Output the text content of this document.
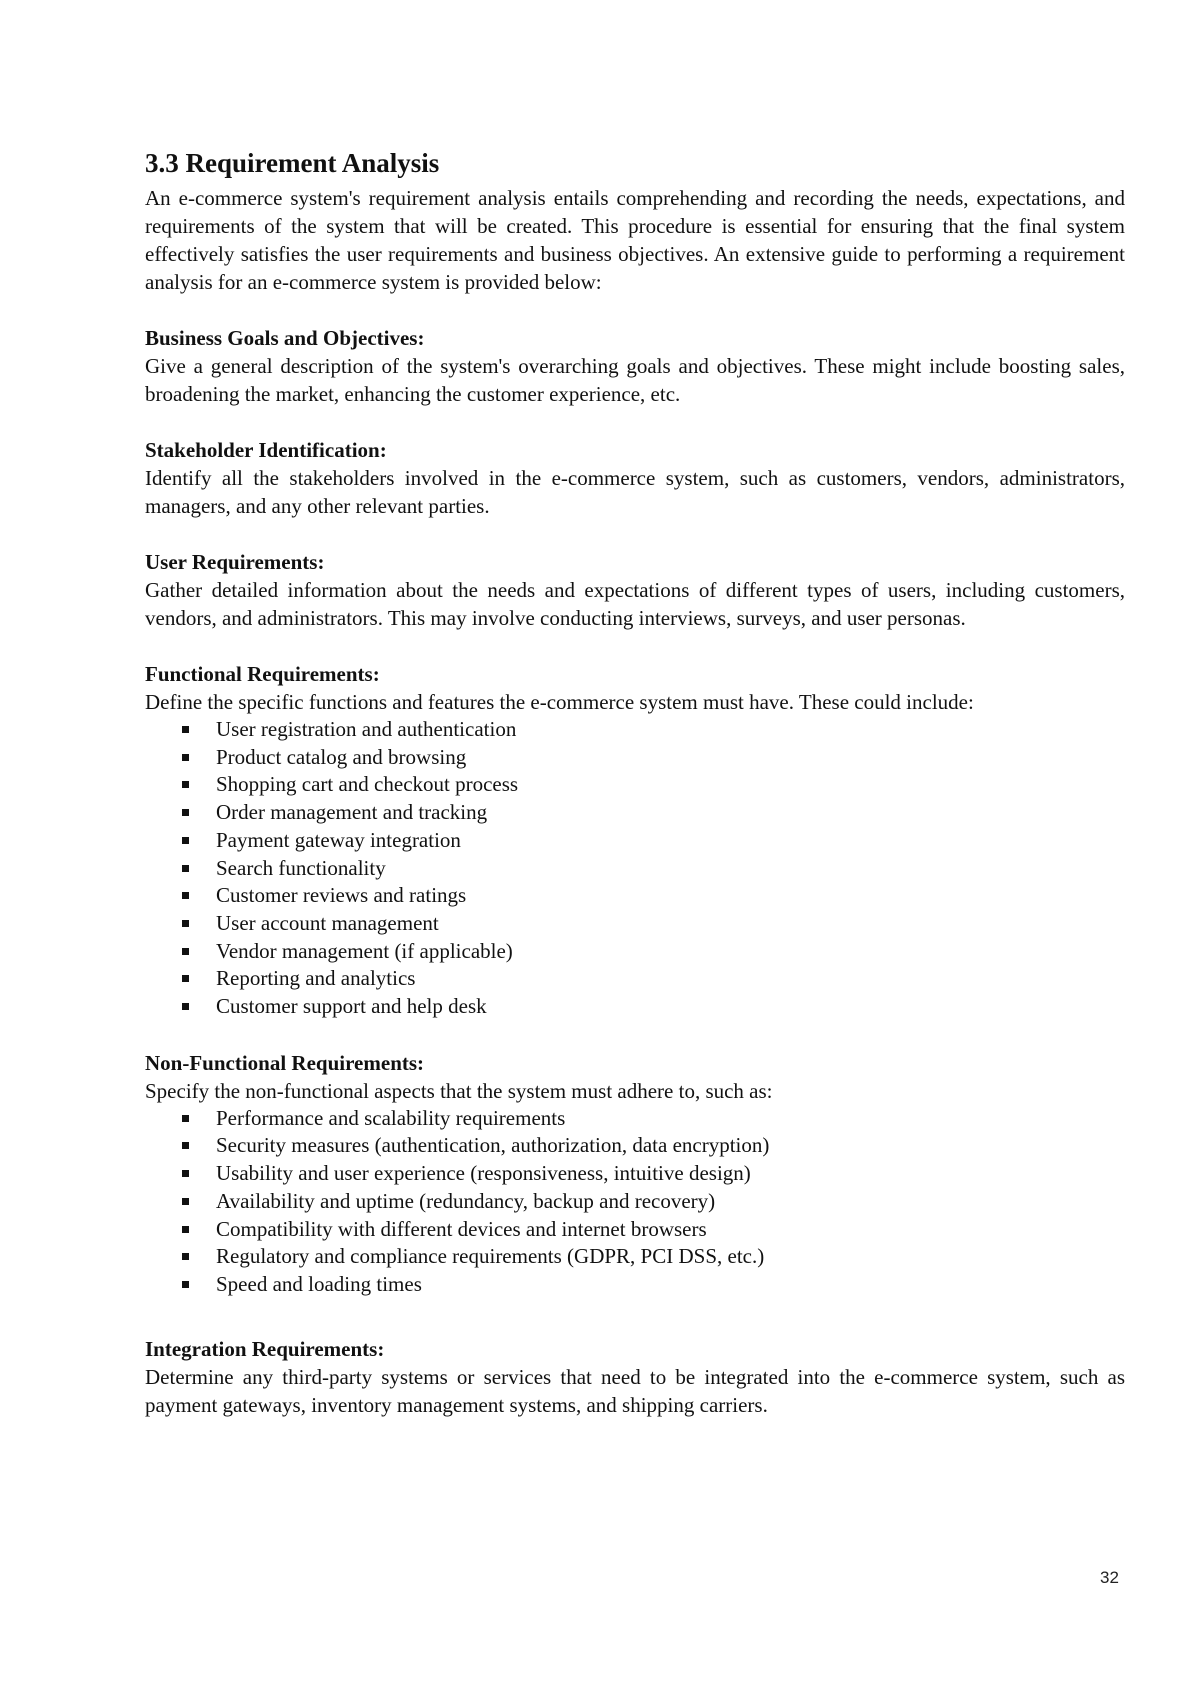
3.3 Requirement Analysis

An e-commerce system's requirement analysis entails comprehending and recording the needs, expectations, and requirements of the system that will be created. This procedure is essential for ensuring that the final system effectively satisfies the user requirements and business objectives. An extensive guide to performing a requirement analysis for an e-commerce system is provided below:

Business Goals and Objectives:

Give a general description of the system's overarching goals and objectives. These might include boosting sales, broadening the market, enhancing the customer experience, etc.

Stakeholder Identification:

Identify all the stakeholders involved in the e-commerce system, such as customers, vendors, administrators, managers, and any other relevant parties.

User Requirements:

Gather detailed information about the needs and expectations of different types of users, including customers, vendors, and administrators. This may involve conducting interviews, surveys, and user personas.

Functional Requirements:

Define the specific functions and features the e-commerce system must have. These could include:

User registration and authentication
Product catalog and browsing
Shopping cart and checkout process
Order management and tracking
Payment gateway integration
Search functionality
Customer reviews and ratings
User account management
Vendor management (if applicable)
Reporting and analytics
Customer support and help desk

Non-Functional Requirements:

Specify the non-functional aspects that the system must adhere to, such as:

Performance and scalability requirements
Security measures (authentication, authorization, data encryption)
Usability and user experience (responsiveness, intuitive design)
Availability and uptime (redundancy, backup and recovery)
Compatibility with different devices and internet browsers
Regulatory and compliance requirements (GDPR, PCI DSS, etc.)
Speed and loading times

Integration Requirements:

Determine any third-party systems or services that need to be integrated into the e-commerce system, such as payment gateways, inventory management systems, and shipping carriers.

32
